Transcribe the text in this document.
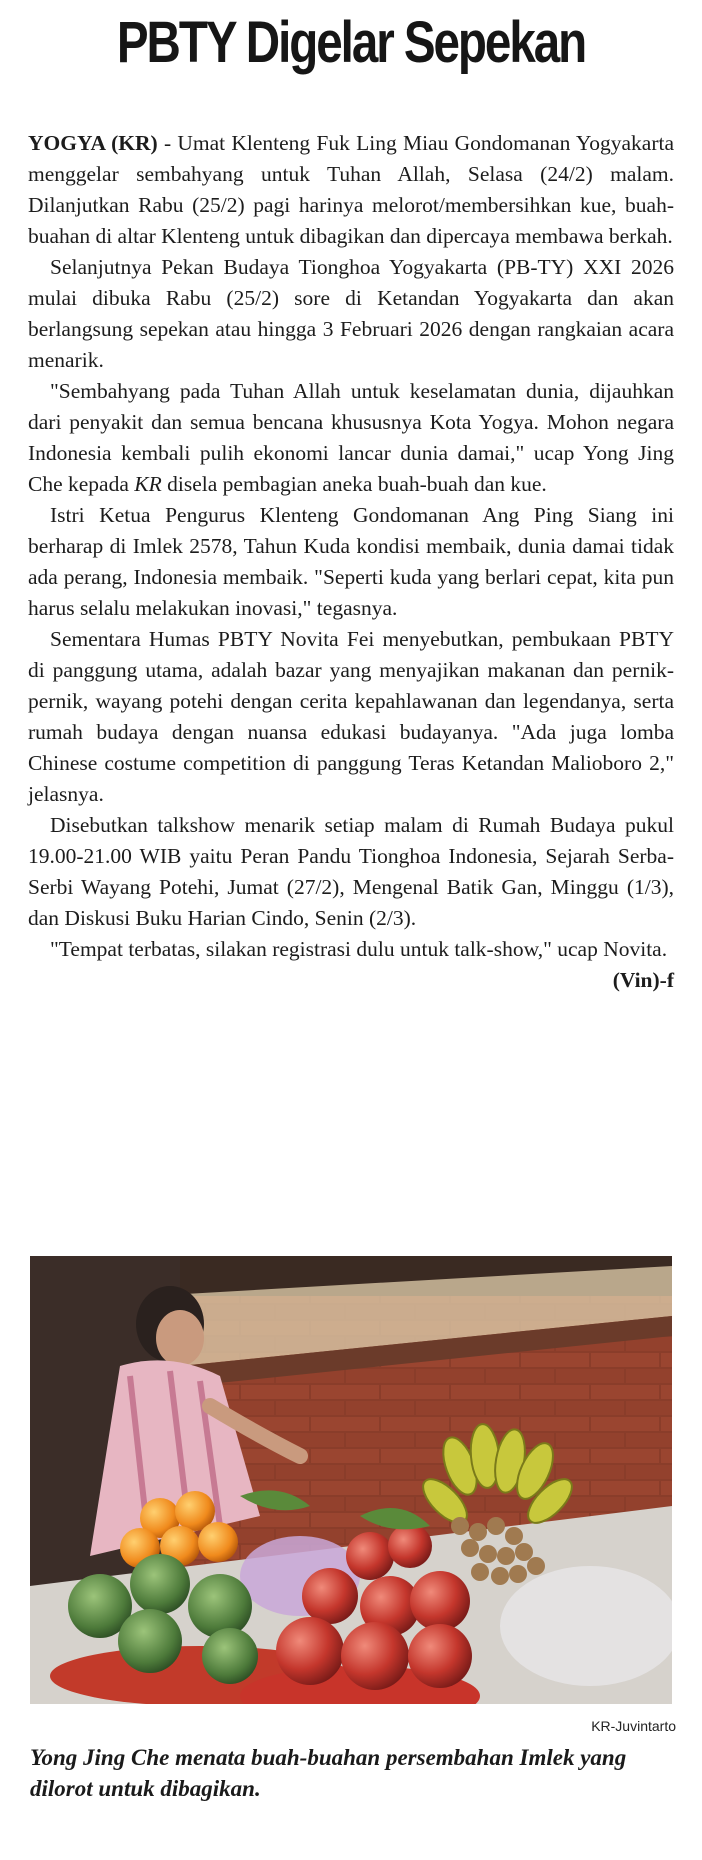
PBTY Digelar Sepekan

YOGYA (KR) - Umat Klenteng Fuk Ling Miau Gondomanan Yogyakarta menggelar sembahyang untuk Tuhan Allah, Selasa (24/2) malam. Dilanjutkan Rabu (25/2) pagi harinya melorot/membersihkan kue, buah-buahan di altar Klenteng untuk dibagikan dan dipercaya membawa berkah.

Selanjutnya Pekan Budaya Tionghoa Yogyakarta (PB-TY) XXI 2026 mulai dibuka Rabu (25/2) sore di Ketandan Yogyakarta dan akan berlangsung sepekan atau hingga 3 Februari 2026 dengan rangkaian acara menarik.

"Sembahyang pada Tuhan Allah untuk keselamatan dunia, dijauhkan dari penyakit dan semua bencana khususnya Kota Yogya. Mohon negara Indonesia kembali pulih ekonomi lancar dunia damai," ucap Yong Jing Che kepada KR disela pembagian aneka buah-buah dan kue.

Istri Ketua Pengurus Klenteng Gondomanan Ang Ping Siang ini berharap di Imlek 2578, Tahun Kuda kondisi membaik, dunia damai tidak ada perang, Indonesia membaik. "Seperti kuda yang berlari cepat, kita pun harus selalu melakukan inovasi," tegasnya.

Sementara Humas PBTY Novita Fei menyebutkan, pembukaan PBTY di panggung utama, adalah bazar yang menyajikan makanan dan pernik-pernik, wayang potehi dengan cerita kepahlawanan dan legendanya, serta rumah budaya dengan nuansa edukasi budayanya. "Ada juga lomba Chinese costume competition di panggung Teras Ketandan Malioboro 2," jelasnya.

Disebutkan talkshow menarik setiap malam di Rumah Budaya pukul 19.00-21.00 WIB yaitu Peran Pandu Tionghoa Indonesia, Sejarah Serba-Serbi Wayang Potehi, Jumat (27/2), Mengenal Batik Gan, Minggu (1/3), dan Diskusi Buku Harian Cindo, Senin (2/3).

"Tempat terbatas, silakan registrasi dulu untuk talk-show," ucap Novita.
(Vin)-f

KR-Juvintarto
Yong Jing Che menata buah-buahan persembahan Imlek yang dilorot untuk dibagikan.
